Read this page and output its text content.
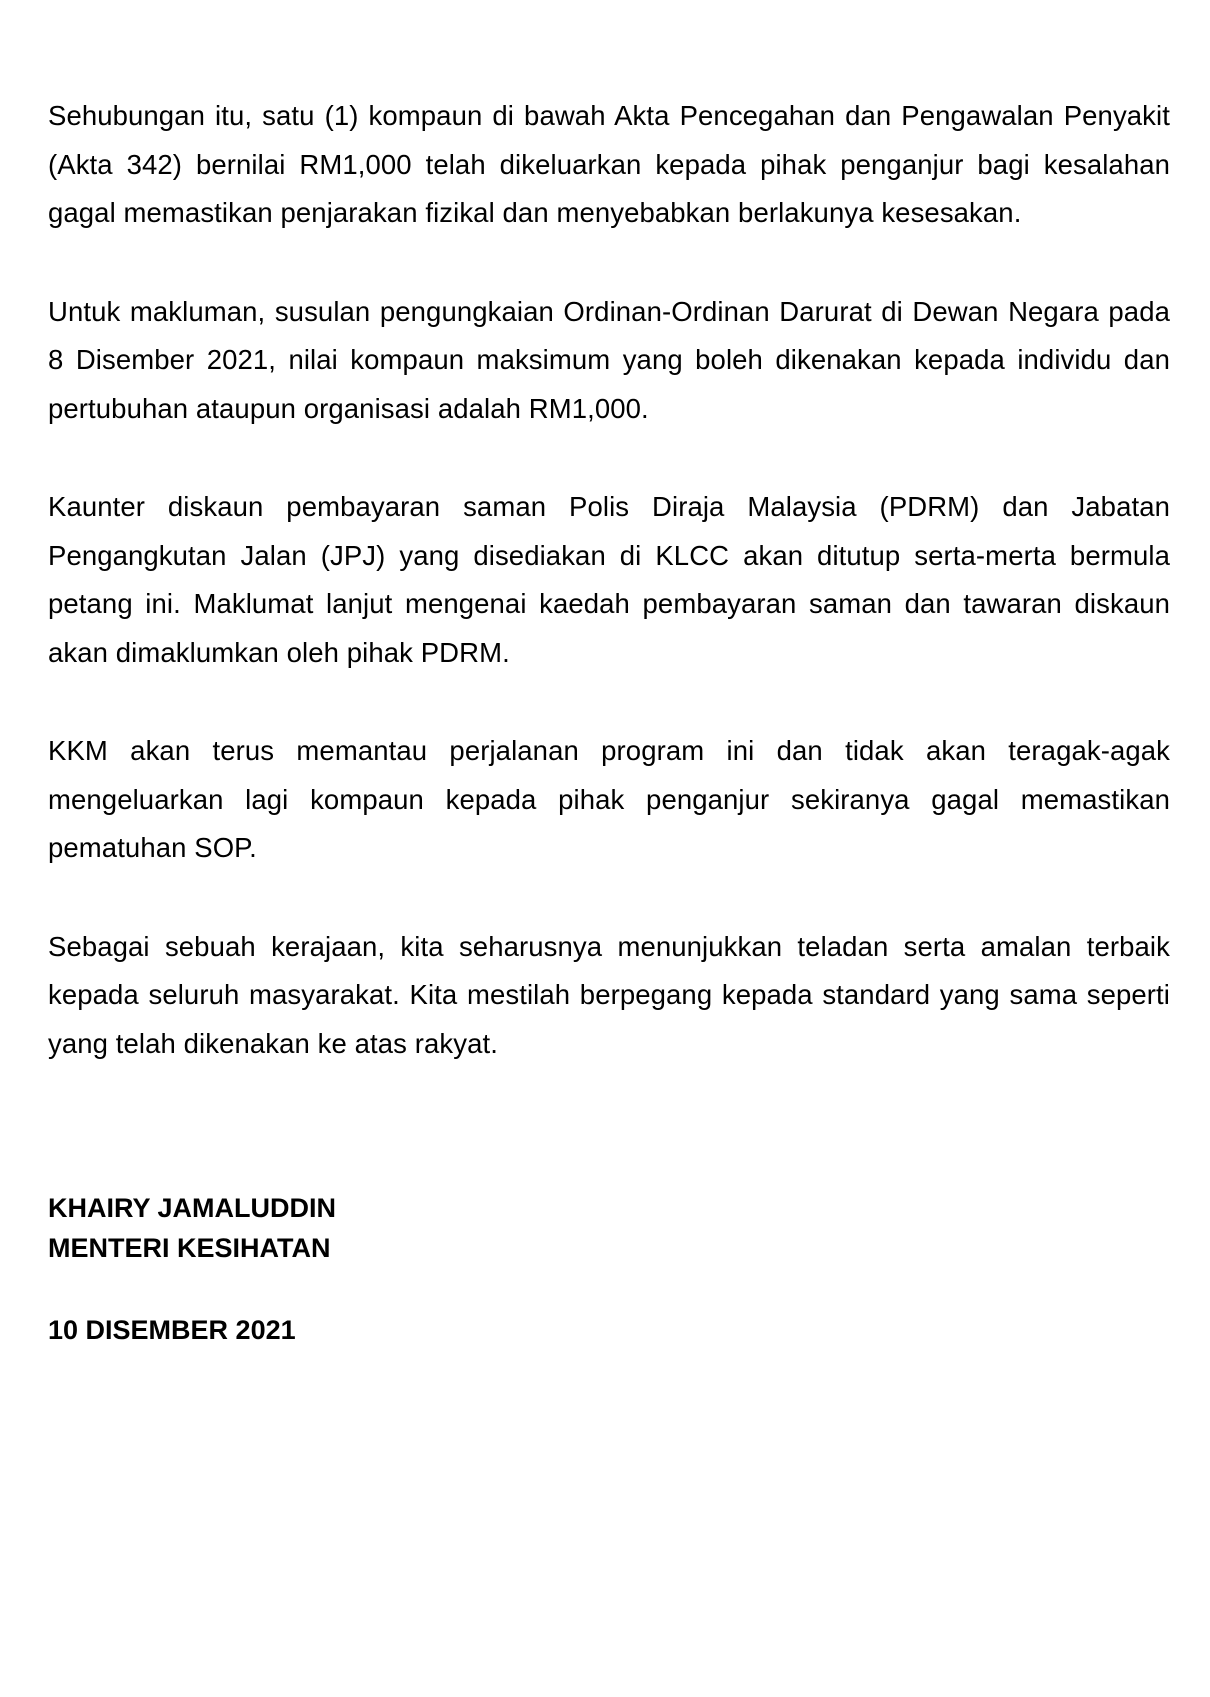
Sehubungan itu, satu (1) kompaun di bawah Akta Pencegahan dan Pengawalan Penyakit (Akta 342) bernilai RM1,000 telah dikeluarkan kepada pihak penganjur bagi kesalahan gagal memastikan penjarakan fizikal dan menyebabkan berlakunya kesesakan.

Untuk makluman, susulan pengungkaian Ordinan-Ordinan Darurat di Dewan Negara pada 8 Disember 2021, nilai kompaun maksimum yang boleh dikenakan kepada individu dan pertubuhan ataupun organisasi adalah RM1,000.

Kaunter diskaun pembayaran saman Polis Diraja Malaysia (PDRM) dan Jabatan Pengangkutan Jalan (JPJ) yang disediakan di KLCC akan ditutup serta-merta bermula petang ini. Maklumat lanjut mengenai kaedah pembayaran saman dan tawaran diskaun akan dimaklumkan oleh pihak PDRM.

KKM akan terus memantau perjalanan program ini dan tidak akan teragak-agak mengeluarkan lagi kompaun kepada pihak penganjur sekiranya gagal memastikan pematuhan SOP.

Sebagai sebuah kerajaan, kita seharusnya menunjukkan teladan serta amalan terbaik kepada seluruh masyarakat. Kita mestilah berpegang kepada standard yang sama seperti yang telah dikenakan ke atas rakyat.

KHAIRY JAMALUDDIN

MENTERI KESIHATAN

10 DISEMBER 2021
